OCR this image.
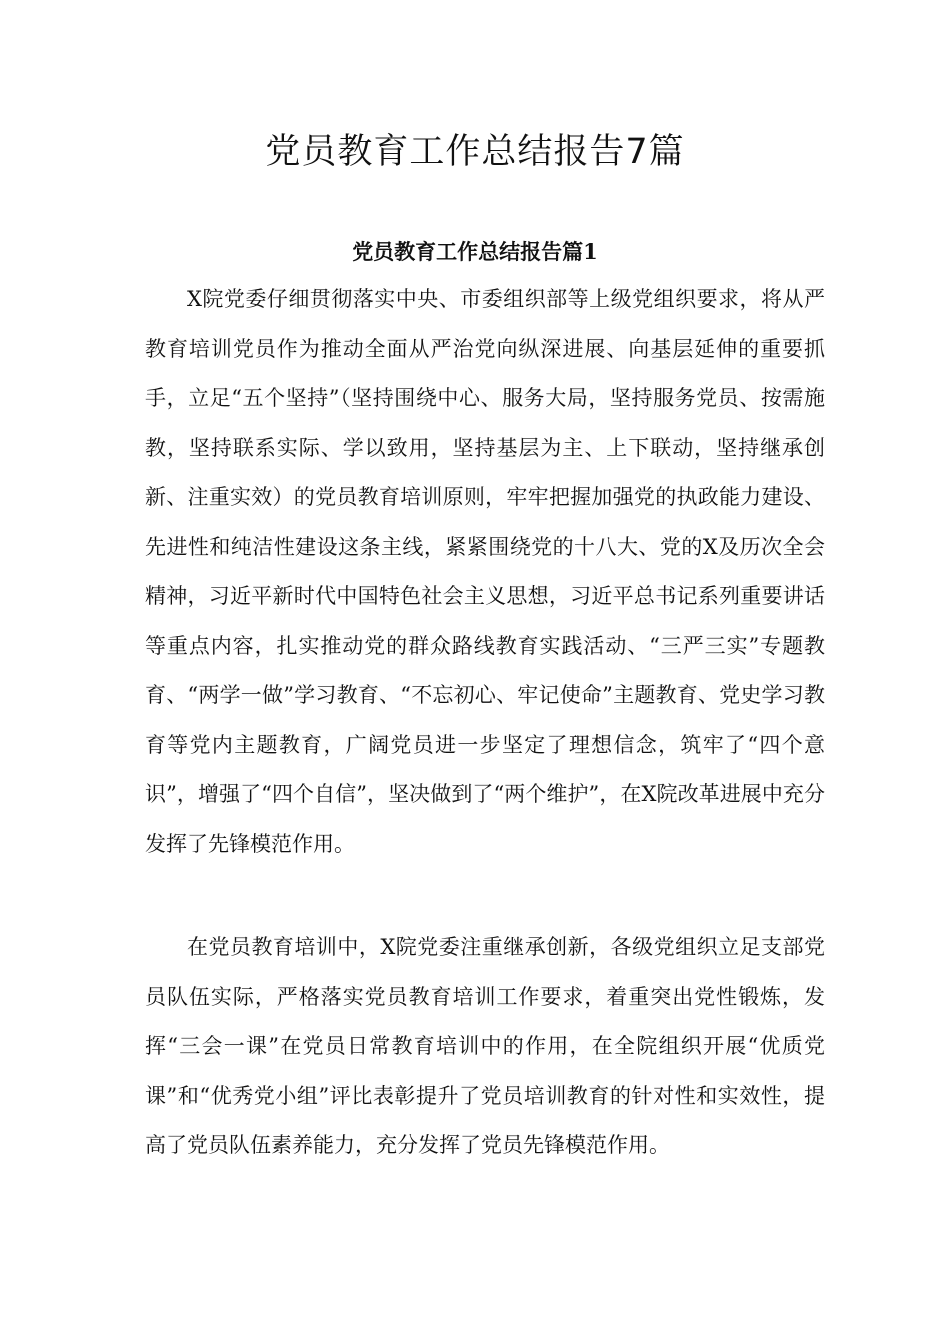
党员教育工作总结报告7篇
党员教育工作总结报告篇1

X院党委仔细贯彻落实中央、市委组织部等上级党组织要求，将从严教育培训党员作为推动全面从严治党向纵深进展、向基层延伸的重要抓手，立足“五个坚持”（坚持围绕中心、服务大局，坚持服务党员、按需施教，坚持联系实际、学以致用，坚持基层为主、上下联动，坚持继承创新、注重实效）的党员教育培训原则，牢牢把握加强党的执政能力建设、先进性和纯洁性建设这条主线，紧紧围绕党的十八大、党的X及历次全会精神，习近平新时代中国特色社会主义思想，习近平总书记系列重要讲话等重点内容，扎实推动党的群众路线教育实践活动、“三严三实”专题教育、“两学一做”学习教育、“不忘初心、牢记使命”主题教育、党史学习教育等党内主题教育，广阔党员进一步坚定了理想信念，筑牢了“四个意识”，增强了“四个自信”，坚决做到了“两个维护”，在X院改革进展中充分发挥了先锋模范作用。

在党员教育培训中，X院党委注重继承创新，各级党组织立足支部党员队伍实际，严格落实党员教育培训工作要求，着重突出党性锻炼，发挥“三会一课”在党员日常教育培训中的作用，在全院组织开展“优质党课”和“优秀党小组”评比表彰提升了党员培训教育的针对性和实效性，提高了党员队伍素养能力，充分发挥了党员先锋模范作用。
